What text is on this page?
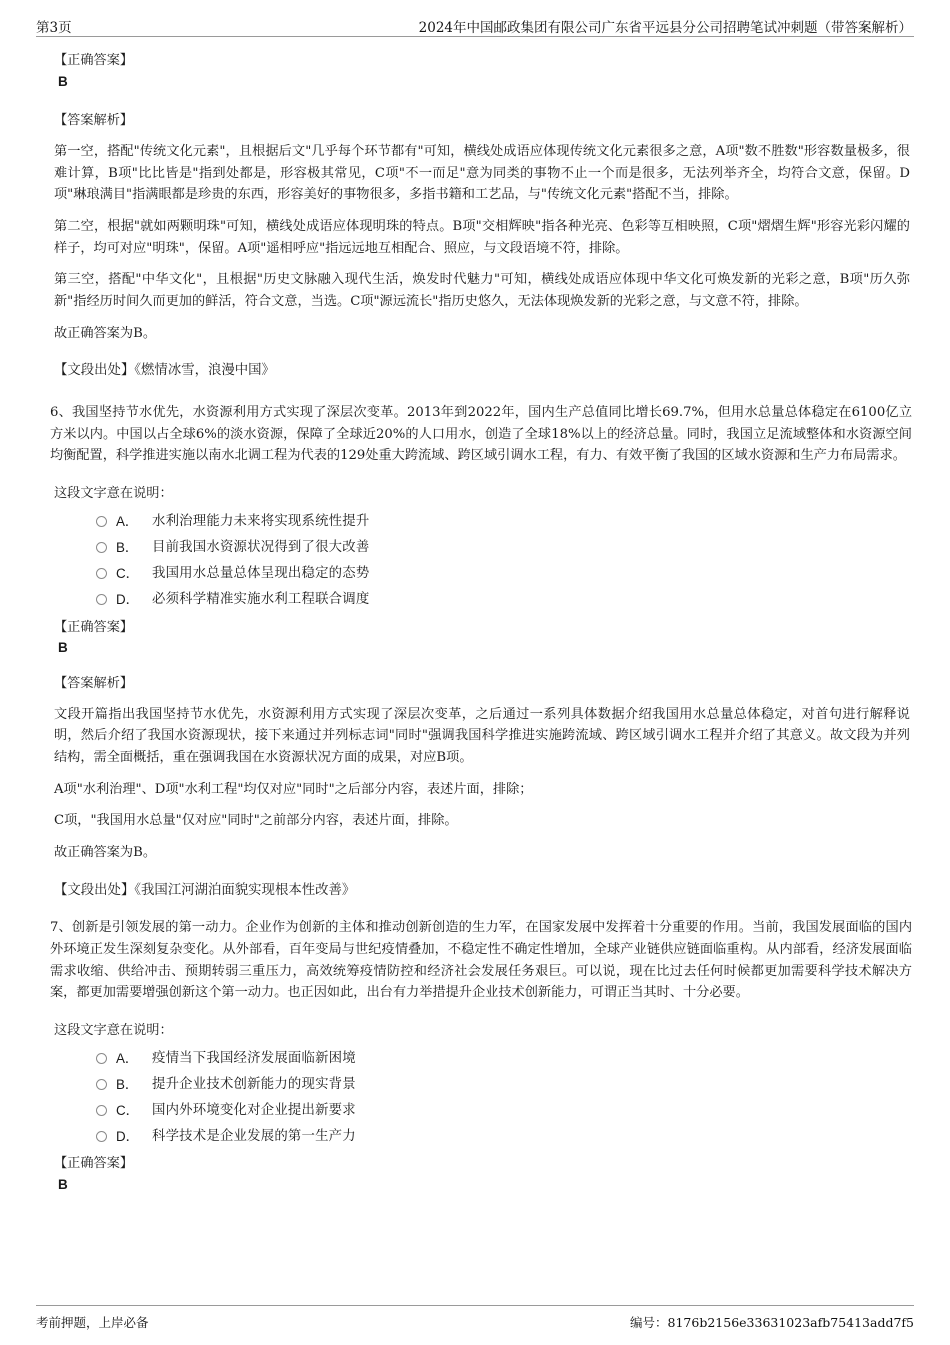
第3页	2024年中国邮政集团有限公司广东省平远县分公司招聘笔试冲刺题（带答案解析）
【正确答案】
B
【答案解析】

第一空，搭配"传统文化元素"，且根据后文"几乎每个环节都有"可知，横线处成语应体现传统文化元素很多之意，A项"数不胜数"形容数量极多，很难计算，B项"比比皆是"指到处都是，形容极其常见，C项"不一而足"意为同类的事物不止一个而是很多，无法列举齐全，均符合文意，保留。D项"琳琅满目"指满眼都是珍贵的东西，形容美好的事物很多，多指书籍和工艺品，与"传统文化元素"搭配不当，排除。

第二空，根据"就如两颗明珠"可知，横线处成语应体现明珠的特点。B项"交相辉映"指各种光亮、色彩等互相映照，C项"熠熠生辉"形容光彩闪耀的样子，均可对应"明珠"，保留。A项"遥相呼应"指远远地互相配合、照应，与文段语境不符，排除。

第三空，搭配"中华文化"，且根据"历史文脉融入现代生活，焕发时代魅力"可知，横线处成语应体现中华文化可焕发新的光彩之意，B项"历久弥新"指经历时间久而更加的鲜活，符合文意，当选。C项"源远流长"指历史悠久，无法体现焕发新的光彩之意，与文意不符，排除。

故正确答案为B。

【文段出处】《燃情冰雪，浪漫中国》

6、我国坚持节水优先，水资源利用方式实现了深层次变革。2013年到2022年，国内生产总值同比增长69.7%，但用水总量总体稳定在6100亿立方米以内。中国以占全球6%的淡水资源，保障了全球近20%的人口用水，创造了全球18%以上的经济总量。同时，我国立足流域整体和水资源空间均衡配置，科学推进实施以南水北调工程为代表的129处重大跨流域、跨区域引调水工程，有力、有效平衡了我国的区域水资源和生产力布局需求。

这段文字意在说明：
A． 水利治理能力未来将实现系统性提升
B． 目前我国水资源状况得到了很大改善
C． 我国用水总量总体呈现出稳定的态势
D． 必须科学精准实施水利工程联合调度
【正确答案】
B
【答案解析】

文段开篇指出我国坚持节水优先，水资源利用方式实现了深层次变革，之后通过一系列具体数据介绍我国用水总量总体稳定，对首句进行解释说明，然后介绍了我国水资源现状，接下来通过并列标志词"同时"强调我国科学推进实施跨流域、跨区域引调水工程并介绍了其意义。故文段为并列结构，需全面概括，重在强调我国在水资源状况方面的成果，对应B项。

A项"水利治理"、D项"水利工程"均仅对应"同时"之后部分内容，表述片面，排除；

C项，"我国用水总量"仅对应"同时"之前部分内容，表述片面，排除。

故正确答案为B。

【文段出处】《我国江河湖泊面貌实现根本性改善》

7、创新是引领发展的第一动力。企业作为创新的主体和推动创新创造的生力军，在国家发展中发挥着十分重要的作用。当前，我国发展面临的国内外环境正发生深刻复杂变化。从外部看，百年变局与世纪疫情叠加，不稳定性不确定性增加，全球产业链供应链面临重构。从内部看，经济发展面临需求收缩、供给冲击、预期转弱三重压力，高效统筹疫情防控和经济社会发展任务艰巨。可以说，现在比过去任何时候都更加需要科学技术解决方案，都更加需要增强创新这个第一动力。也正因如此，出台有力举措提升企业技术创新能力，可谓正当其时、十分必要。

这段文字意在说明：
A． 疫情当下我国经济发展面临新困境
B． 提升企业技术创新能力的现实背景
C． 国内外环境变化对企业提出新要求
D． 科学技术是企业发展的第一生产力
【正确答案】
B
考前押题，上岸必备	编号：8176b2156e33631023afb75413add7f5
